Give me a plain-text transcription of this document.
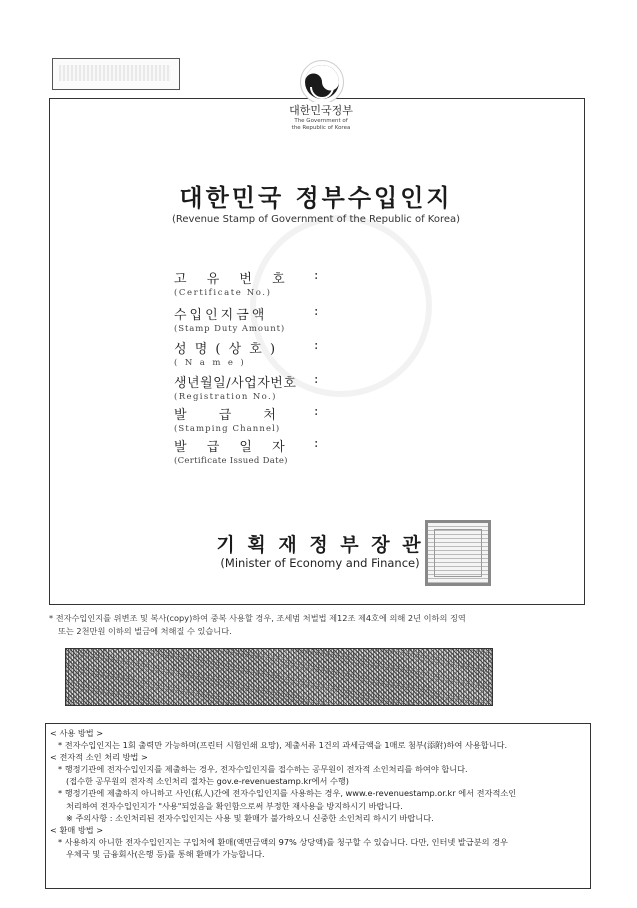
대한민국정부
The Government of
the Republic of Korea
대한민국 정부수입인지
(Revenue Stamp of Government of the Republic of Korea)
고 유 번 호
(Certificate No.)
:
수입인지금액
(Stamp Duty Amount)
:
성 명 ( 상 호 )
( N a m e )
:
생년월일/사업자번호
(Registration No.)
:
발 급 처
(Stamping Channel)
:
발 급 일 자
(Certificate Issued Date)
:
기 획 재 정 부 장 관
(Minister of Economy and Finance)
* 전자수입인지를 위변조 및 복사(copy)하여 중복 사용할 경우, 조세범 처벌법 제12조 제4호에 의해 2년 이하의 징역
또는 2천만원 이하의 벌금에 처해질 수 있습니다.
< 사용 방법 >
* 전자수입인지는 1회 출력만 가능하며(프린터 시험인쇄 요망), 제출서류 1건의 과세금액을 1매로 첨부(添附)하여 사용합니다.
< 전자적 소인 처리 방법 >
* 행정기관에 전자수입인지를 제출하는 경우, 전자수입인지를 접수하는 공무원이 전자적 소인처리를 하여야 합니다.
(접수한 공무원의 전자적 소인처리 절차는 gov.e-revenuestamp.kr에서 수행)
* 행정기관에 제출하지 아니하고 사인(私人)간에 전자수입인지를 사용하는 경우, www.e-revenuestamp.or.kr 에서 전자적소인
처리하여 전자수입인지가 "사용"되었음을 확인함으로써 부정한 재사용을 방지하시기 바랍니다.
※ 주의사항 : 소인처리된 전자수입인지는 사용 및 환매가 불가하오니 신중한 소인처리 하시기 바랍니다.
< 환매 방법 >
* 사용하지 아니한 전자수입인지는 구입처에 환매(액면금액의 97% 상당액)를 청구할 수 있습니다. 다만, 인터넷 발급분의 경우
우체국 및 금융회사(은행 등)를 통해 환매가 가능합니다.
